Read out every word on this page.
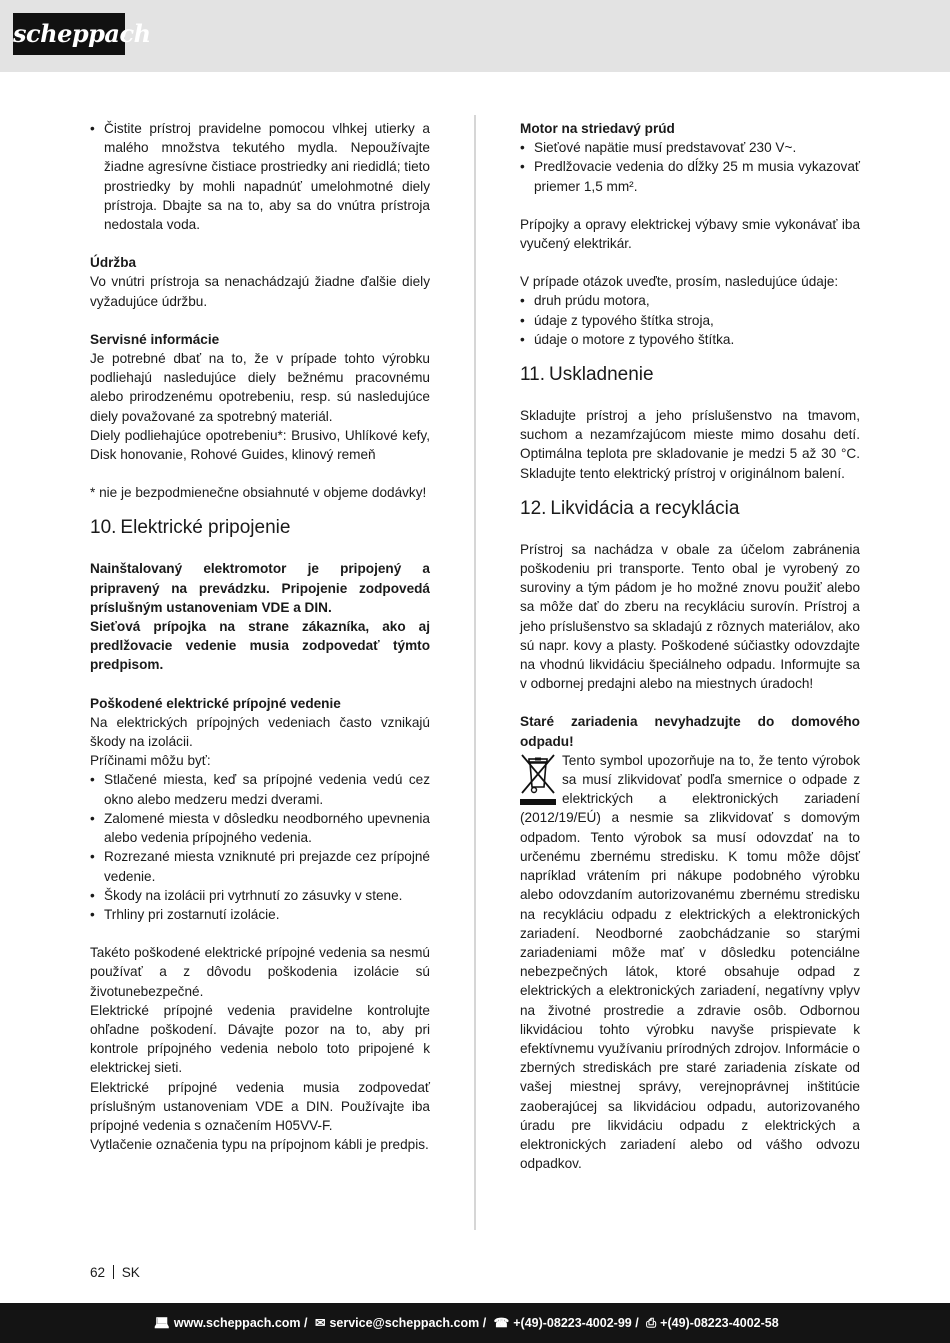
scheppach
• Čistite prístroj pravidelne pomocou vlhkej utierky a malého množstva tekutého mydla. Nepoužívajte žiadne agresívne čistiace prostriedky ani riedidlá; tieto prostriedky by mohli napadnúť umelohmotné diely prístroja. Dbajte sa na to, aby sa do vnútra prístroja nedostala voda.

Údržba

Vo vnútri prístroja sa nenachádzajú žiadne ďalšie diely vyžadujúce údržbu.

Servisné informácie

Je potrebné dbať na to, že v prípade tohto výrobku podliehajú nasledujúce diely bežnému pracovnému alebo prirodzenému opotrebeniu, resp. sú nasledujúce diely považované za spotrebný materiál.

Diely podliehajúce opotrebeniu*: Brusivo, Uhlíkové kefy, Disk honovanie, Rohové Guides, klinový remeň

* nie je bezpodmienečne obsiahnuté v objeme dodávky!

10. Elektrické pripojenie

Nainštalovaný elektromotor je pripojený a pripravený na prevádzku. Pripojenie zodpovedá príslušným ustanoveniam VDE a DIN.

Sieťová prípojka na strane zákazníka, ako aj predlžovacie vedenie musia zodpovedať týmto predpisom.

Poškodené elektrické prípojné vedenie

Na elektrických prípojných vedeniach často vznikajú škody na izolácii.

Príčinami môžu byť:

• Stlačené miesta, keď sa prípojné vedenia vedú cez okno alebo medzeru medzi dverami.
• Zalomené miesta v dôsledku neodborného upevnenia alebo vedenia prípojného vedenia.
• Rozrezané miesta vzniknuté pri prejazde cez prípojné vedenie.
• Škody na izolácii pri vytrhnutí zo zásuvky v stene.
• Trhliny pri zostarnutí izolácie.

Takéto poškodené elektrické prípojné vedenia sa nesmú používať a z dôvodu poškodenia izolácie sú životunebezpečné.

Elektrické prípojné vedenia pravidelne kontrolujte ohľadne poškodení. Dávajte pozor na to, aby pri kontrole prípojného vedenia nebolo toto pripojené k elektrickej sieti.

Elektrické prípojné vedenia musia zodpovedať príslušným ustanoveniam VDE a DIN. Používajte iba prípojné vedenia s označením H05VV-F.

Vytlačenie označenia typu na prípojnom kábli je predpis.

Motor na striedavý prúd

• Sieťové napätie musí predstavovať 230 V~.
• Predlžovacie vedenia do dĺžky 25 m musia vykazovať priemer 1,5 mm².

Prípojky a opravy elektrickej výbavy smie vykonávať iba vyučený elektrikár.

V prípade otázok uveďte, prosím, nasledujúce údaje:

• druh prúdu motora,
• údaje z typového štítka stroja,
• údaje o motore z typového štítka.
11. Uskladnenie

Skladujte prístroj a jeho príslušenstvo na tmavom, suchom a nezamŕzajúcom mieste mimo dosahu detí. Optimálna teplota pre skladovanie je medzi 5 až 30 °C. Skladujte tento elektrický prístroj v originálnom balení.

12. Likvidácia a recyklácia

Prístroj sa nachádza v obale za účelom zabránenia poškodeniu pri transporte. Tento obal je vyrobený zo suroviny a tým pádom je ho možné znovu použiť alebo sa môže dať do zberu na recykláciu surovín. Prístroj a jeho príslušenstvo sa skladajú z rôznych materiálov, ako sú napr. kovy a plasty. Poškodené súčiastky odovzdajte na vhodnú likvidáciu špeciálneho odpadu. Informujte sa v odbornej predajni alebo na miestnych úradoch!

Staré zariadenia nevyhadzujte do domového odpadu!

Tento symbol upozorňuje na to, že tento výrobok sa musí zlikvidovať podľa smernice o odpade z elektrických a elektronických zariadení (2012/19/EÚ) a nesmie sa zlikvidovať s domovým odpadom. Tento výrobok sa musí odovzdať na to určenému zbernému stredisku. K tomu môže dôjsť napríklad vrátením pri nákupe podobného výrobku alebo odovzdaním autorizovanému zbernému stredisku na recykláciu odpadu z elektrických a elektronických zariadení. Neodborné zaobchádzanie so starými zariadeniami môže mať v dôsledku potenciálne nebezpečných látok, ktoré obsahuje odpad z elektrických a elektronických zariadení, negatívny vplyv na životné prostredie a zdravie osôb. Odbornou likvidáciou tohto výrobku navyše prispievate k efektívnemu využívaniu prírodných zdrojov. Informácie o zberných strediskách pre staré zariadenia získate od vašej miestnej správy, verejnoprávnej inštitúcie zaoberajúcej sa likvidáciou odpadu, autorizovaného úradu pre likvidáciu odpadu z elektrických a elektronických zariadení alebo od vášho odvozu odpadkov.

62 SK
💻︎ www.scheppach.com / ✉ service@scheppach.com / ☎ +(49)-08223-4002-99 / ⎙ +(49)-08223-4002-58
